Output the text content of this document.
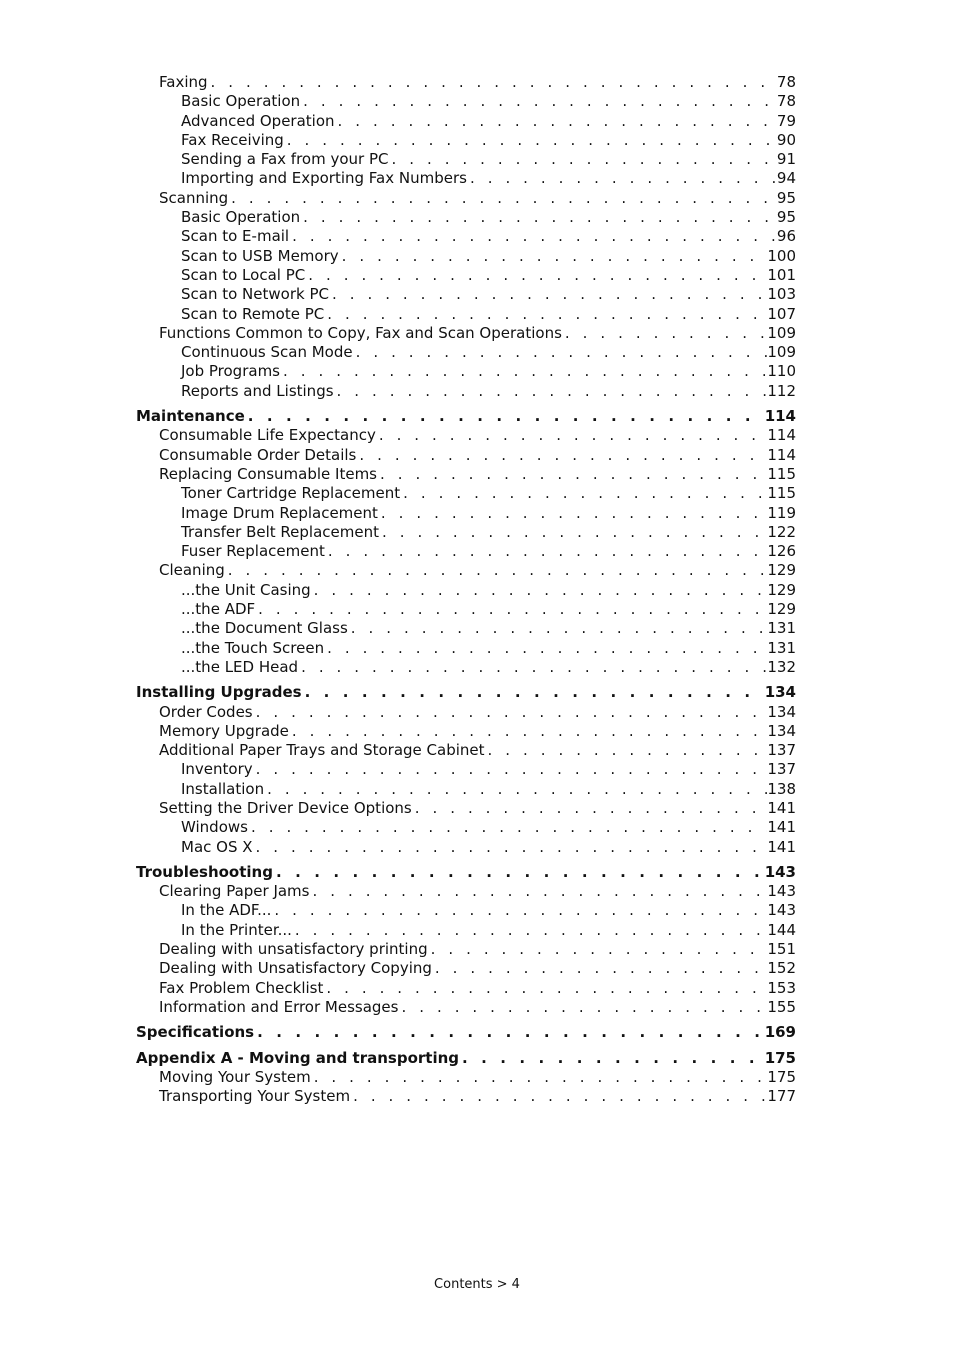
Faxing . . .	78
Basic Operation . . .	78
Advanced Operation . . .	79
Fax Receiving . . .	90
Sending a Fax from your PC . . .	91
Importing and Exporting Fax Numbers . . .	94
Scanning . . .	95
Basic Operation . . .	95
Scan to E-mail . . .	96
Scan to USB Memory . . .	100
Scan to Local PC . . .	101
Scan to Network PC . . .	103
Scan to Remote PC . . .	107
Functions Common to Copy, Fax and Scan Operations . . .	109
Continuous Scan Mode . . .	109
Job Programs . . .	110
Reports and Listings . . .	112
Maintenance . . .	114
Consumable Life Expectancy . . .	114
Consumable Order Details . . .	114
Replacing Consumable Items . . .	115
Toner Cartridge Replacement . . .	115
Image Drum Replacement . . .	119
Transfer Belt Replacement . . .	122
Fuser Replacement . . .	126
Cleaning . . .	129
...the Unit Casing . . .	129
...the ADF . . .	129
...the Document Glass . . .	131
...the Touch Screen . . .	131
...the LED Head . . .	132
Installing Upgrades . . .	134
Order Codes . . .	134
Memory Upgrade . . .	134
Additional Paper Trays and Storage Cabinet . . .	137
Inventory . . .	137
Installation . . .	138
Setting the Driver Device Options . . .	141
Windows . . .	141
Mac OS X . . .	141
Troubleshooting . . .	143
Clearing Paper Jams . . .	143
In the ADF... . . .	143
In the Printer... . . .	144
Dealing with unsatisfactory printing . . .	151
Dealing with Unsatisfactory Copying . . .	152
Fax Problem Checklist . . .	153
Information and Error Messages . . .	155
Specifications . . .	169
Appendix A - Moving and transporting . . .	175
Moving Your System . . .	175
Transporting Your System . . .	177
Contents > 4
